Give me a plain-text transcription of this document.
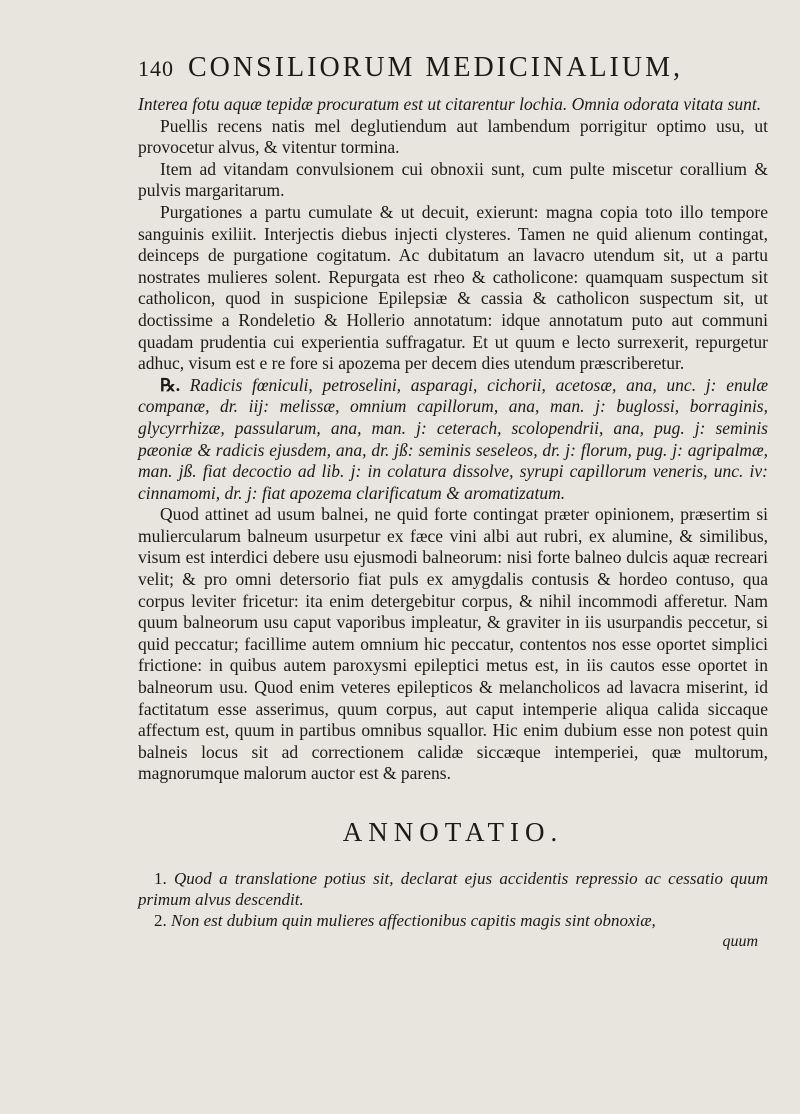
140 CONSILIORUM MEDICINALIUM,

Interea fotu aquæ tepidæ procuratum est ut citarentur lochia. Omnia odorata vitata sunt.

Puellis recens natis mel deglutiendum aut lambendum porrigitur optimo usu, ut provocetur alvus, & vitentur tormina.

Item ad vitandam convulsionem cui obnoxii sunt, cum pulte miscetur corallium & pulvis margaritarum.

Purgationes a partu cumulate & ut decuit, exierunt: magna copia toto illo tempore sanguinis exiliit. Interjectis diebus injecti clysteres. Tamen ne quid alienum contingat, deinceps de purgatione cogitatum. Ac dubitatum an lavacro utendum sit, ut a partu nostrates mulieres solent. Repurgata est rheo & catholicone: quamquam suspectum sit catholicon, quod in suspicione Epilepsiæ & cassia & catholicon suspectum sit, ut doctissime a Rondeletio & Hollerio annotatum: idque annotatum puto aut communi quadam prudentia cui experientia suffragatur. Et ut quum e lecto surrexerit, repurgetur adhuc, visum est e re fore si apozema per decem dies utendum præscriberetur.

℞. Radicis fœniculi, petroselini, asparagi, cichorii, acetosæ, ana, unc. j: enulæ companæ, dr. iij: melissæ, omnium capillorum, ana, man. j: buglossi, borraginis, glycyrrhizæ, passularum, ana, man. j: ceterach, scolopendrii, ana, pug. j: seminis pæoniæ & radicis ejusdem, ana, dr. jß: seminis seseleos, dr. j: florum, pug. j: agripalmæ, man. jß. fiat decoctio ad lib. j: in colatura dissolve, syrupi capillorum veneris, unc. iv: cinnamomi, dr. j: fiat apozema clarificatum & aromatizatum.

Quod attinet ad usum balnei, ne quid forte contingat præter opinionem, præsertim si muliercularum balneum usurpetur ex fæce vini albi aut rubri, ex alumine, & similibus, visum est interdici debere usu ejusmodi balneorum: nisi forte balneo dulcis aquæ recreari velit; & pro omni detersorio fiat puls ex amygdalis contusis & hordeo contuso, qua corpus leviter fricetur: ita enim detergebitur corpus, & nihil incommodi afferetur. Nam quum balneorum usu caput vaporibus impleatur, & graviter in iis usurpandis peccetur, si quid peccatur; facillime autem omnium hic peccatur, contentos nos esse oportet simplici frictione: in quibus autem paroxysmi epileptici metus est, in iis cautos esse oportet in balneorum usu. Quod enim veteres epilepticos & melancholicos ad lavacra miserint, id factitatum esse asserimus, quum corpus, aut caput intemperie aliqua calida siccaque affectum est, quum in partibus omnibus squallor. Hic enim dubium esse non potest quin balneis locus sit ad correctionem calidæ siccæque intemperiei, quæ multorum, magnorumque malorum auctor est & parens.

ANNOTATIO.

1. Quod a translatione potius sit, declarat ejus accidentis repressio ac cessatio quum primum alvus descendit.

2. Non est dubium quin mulieres affectionibus capitis magis sint obnoxiæ,

quum
